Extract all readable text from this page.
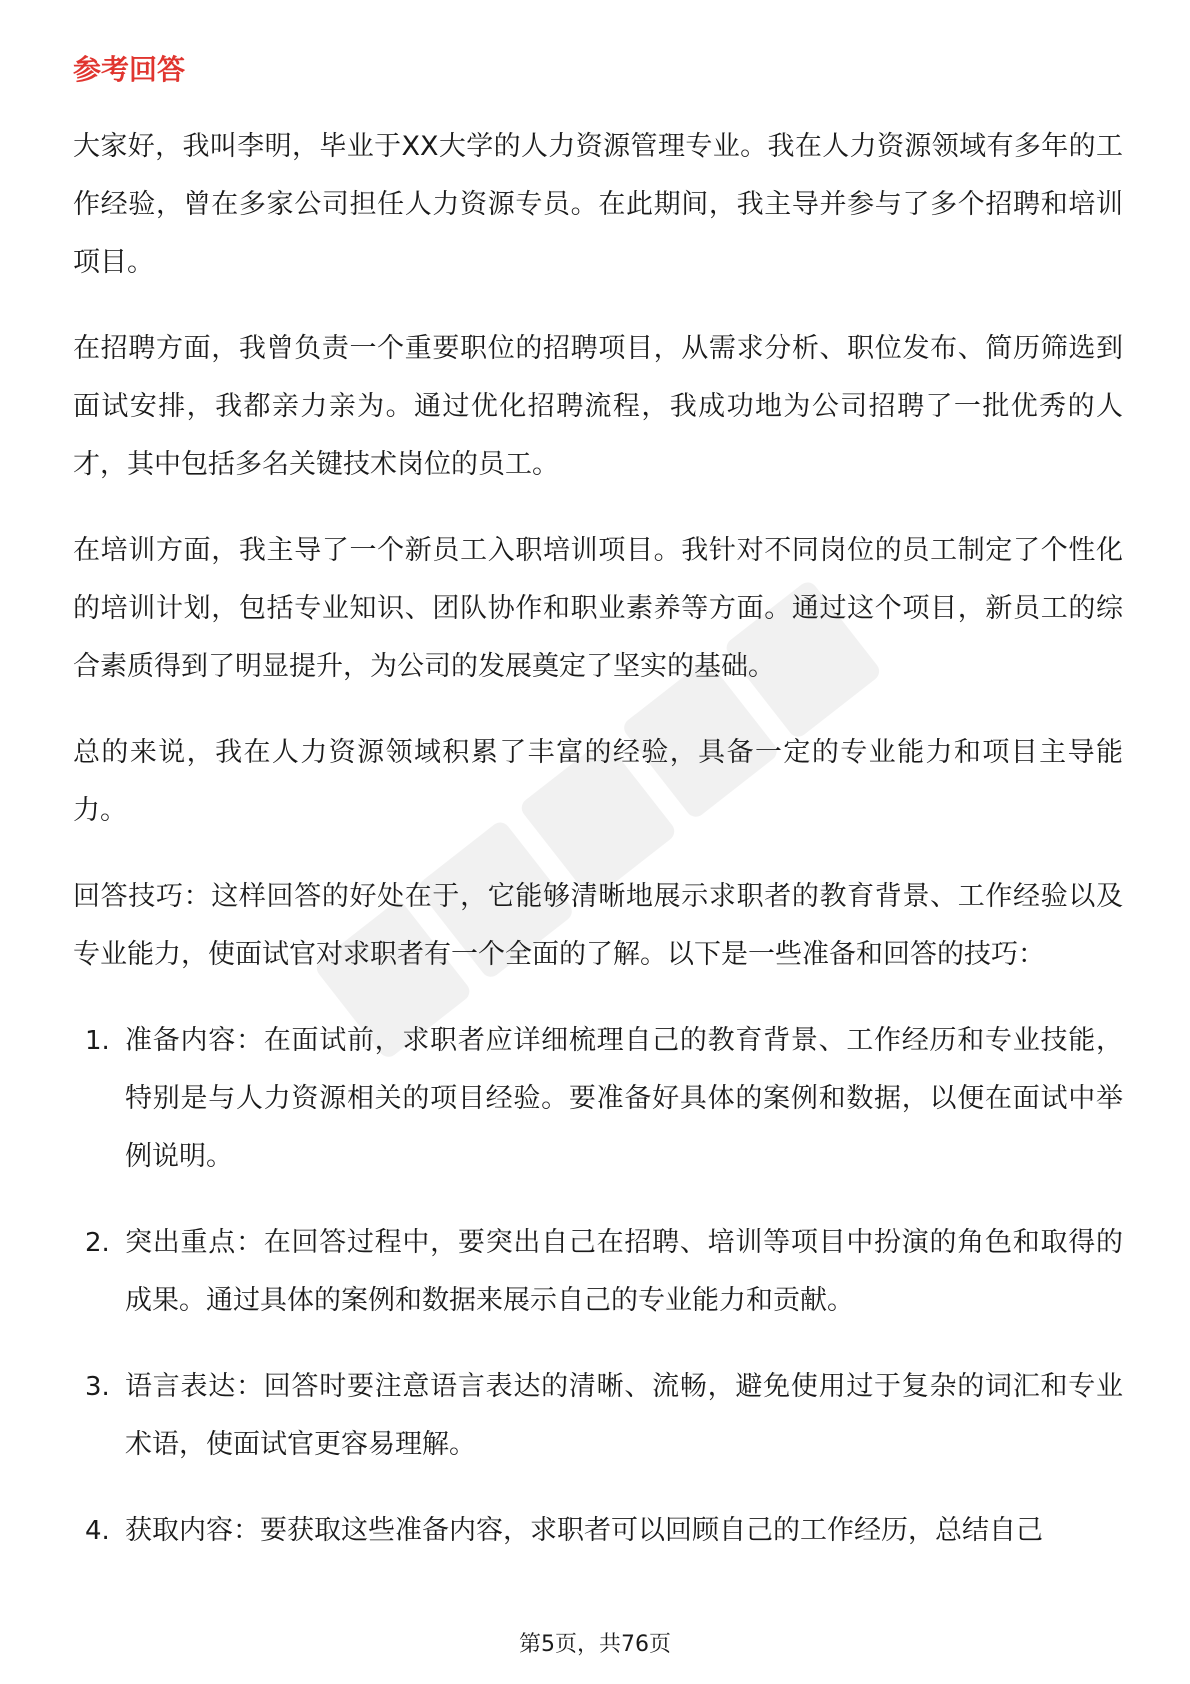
参考回答

大家好，我叫李明，毕业于XX大学的人力资源管理专业。我在人力资源领域有多年的工作经验，曾在多家公司担任人力资源专员。在此期间，我主导并参与了多个招聘和培训项目。

在招聘方面，我曾负责一个重要职位的招聘项目，从需求分析、职位发布、简历筛选到面试安排，我都亲力亲为。通过优化招聘流程，我成功地为公司招聘了一批优秀的人才，其中包括多名关键技术岗位的员工。

在培训方面，我主导了一个新员工入职培训项目。我针对不同岗位的员工制定了个性化的培训计划，包括专业知识、团队协作和职业素养等方面。通过这个项目，新员工的综合素质得到了明显提升，为公司的发展奠定了坚实的基础。

总的来说，我在人力资源领域积累了丰富的经验，具备一定的专业能力和项目主导能力。

回答技巧：这样回答的好处在于，它能够清晰地展示求职者的教育背景、工作经验以及专业能力，使面试官对求职者有一个全面的了解。以下是一些准备和回答的技巧：

1. 准备内容：在面试前，求职者应详细梳理自己的教育背景、工作经历和专业技能，特别是与人力资源相关的项目经验。要准备好具体的案例和数据，以便在面试中举例说明。
2. 突出重点：在回答过程中，要突出自己在招聘、培训等项目中扮演的角色和取得的成果。通过具体的案例和数据来展示自己的专业能力和贡献。
3. 语言表达：回答时要注意语言表达的清晰、流畅，避免使用过于复杂的词汇和专业术语，使面试官更容易理解。
4. 获取内容：要获取这些准备内容，求职者可以回顾自己的工作经历，总结自己
第5页，共76页
